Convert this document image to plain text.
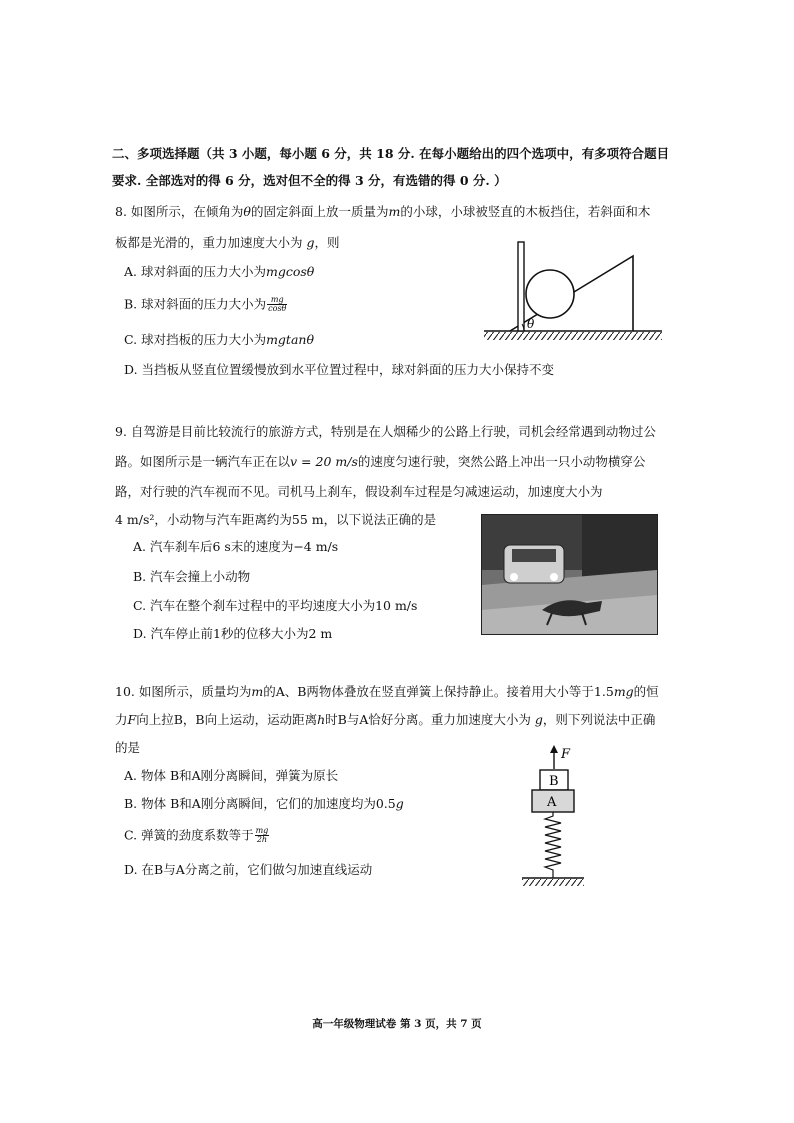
二、多项选择题（共 3 小题，每小题 6 分，共 18 分. 在每小题给出的四个选项中，有多项符合题目
要求. 全部选对的得 6 分，选对但不全的得 3 分，有选错的得 0 分. ）
8. 如图所示，在倾角为θ的固定斜面上放一质量为m的小球，小球被竖直的木板挡住，若斜面和木
板都是光滑的，重力加速度大小为 g，则
A. 球对斜面的压力大小为mgcosθ
B. 球对斜面的压力大小为 $\frac{mg}{\cos\theta}$
C. 球对挡板的压力大小为mgtanθ
D. 当挡板从竖直位置缓慢放到水平位置过程中，球对斜面的压力大小保持不变
θ
9. 自驾游是目前比较流行的旅游方式，特别是在人烟稀少的公路上行驶，司机会经常遇到动物过公
路。如图所示是一辆汽车正在以v = 20 m/s的速度匀速行驶，突然公路上冲出一只小动物横穿公
路，对行驶的汽车视而不见。司机马上刹车，假设刹车过程是匀减速运动，加速度大小为
4 m/s²，小动物与汽车距离约为55 m，以下说法正确的是
A. 汽车刹车后6 s末的速度为−4 m/s
B. 汽车会撞上小动物
C. 汽车在整个刹车过程中的平均速度大小为10 m/s
D. 汽车停止前1秒的位移大小为2 m
10. 如图所示，质量均为m的A、B两物体叠放在竖直弹簧上保持静止。接着用大小等于1.5mg的恒
力F向上拉B，B向上运动，运动距离h时B与A恰好分离。重力加速度大小为 g，则下列说法中正确
的是
A. 物体 B和A刚分离瞬间，弹簧为原长
B. 物体 B和A刚分离瞬间，它们的加速度均为0.5g
C. 弹簧的劲度系数等于 $\frac{mg}{2h}$
D. 在B与A分离之前，它们做匀加速直线运动
F
B
A
高一年级物理试卷 第 3 页，共 7 页
